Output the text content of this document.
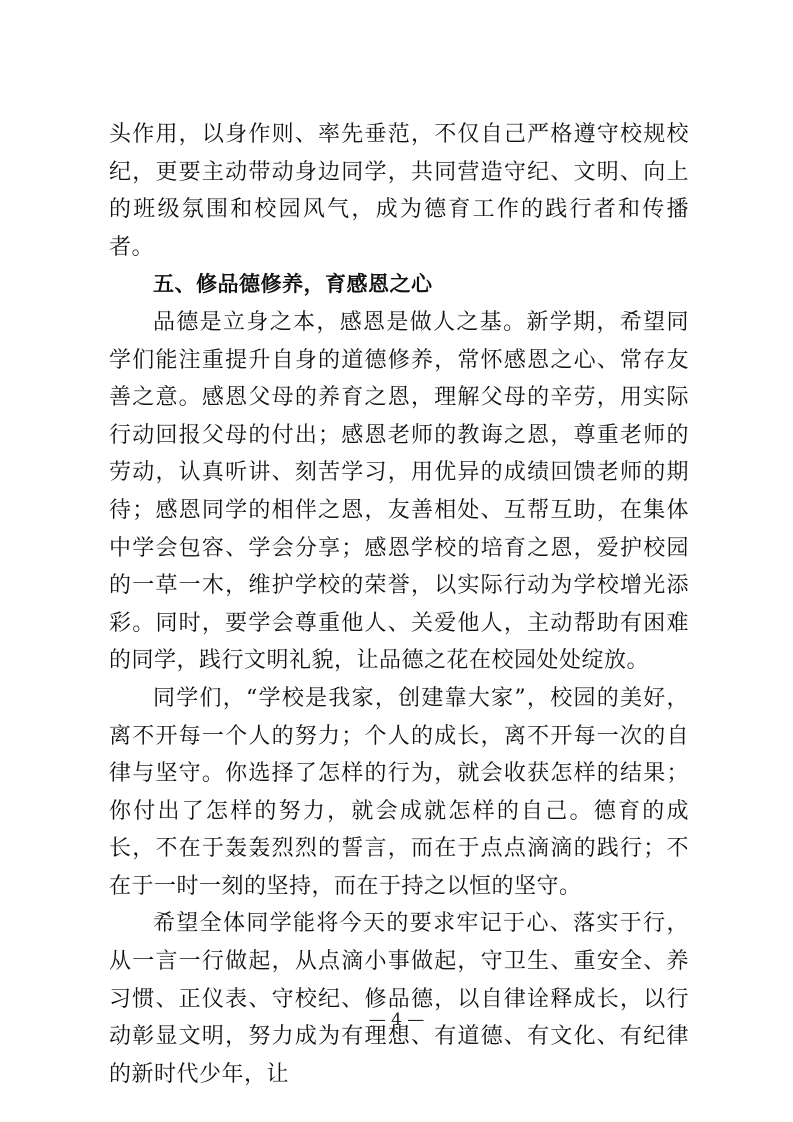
头作用，以身作则、率先垂范，不仅自己严格遵守校规校纪，更要主动带动身边同学，共同营造守纪、文明、向上的班级氛围和校园风气，成为德育工作的践行者和传播者。

五、修品德修养，育感恩之心

品德是立身之本，感恩是做人之基。新学期，希望同学们能注重提升自身的道德修养，常怀感恩之心、常存友善之意。感恩父母的养育之恩，理解父母的辛劳，用实际行动回报父母的付出；感恩老师的教诲之恩，尊重老师的劳动，认真听讲、刻苦学习，用优异的成绩回馈老师的期待；感恩同学的相伴之恩，友善相处、互帮互助，在集体中学会包容、学会分享；感恩学校的培育之恩，爱护校园的一草一木，维护学校的荣誉，以实际行动为学校增光添彩。同时，要学会尊重他人、关爱他人，主动帮助有困难的同学，践行文明礼貌，让品德之花在校园处处绽放。

同学们，“学校是我家，创建靠大家”，校园的美好，离不开每一个人的努力；个人的成长，离不开每一次的自律与坚守。你选择了怎样的行为，就会收获怎样的结果；你付出了怎样的努力，就会成就怎样的自己。德育的成长，不在于轰轰烈烈的誓言，而在于点点滴滴的践行；不在于一时一刻的坚持，而在于持之以恒的坚守。

希望全体同学能将今天的要求牢记于心、落实于行，从一言一行做起，从点滴小事做起，守卫生、重安全、养习惯、正仪表、守校纪、修品德，以自律诠释成长，以行动彰显文明，努力成为有理想、有道德、有文化、有纪律的新时代少年，让

— 4 —
